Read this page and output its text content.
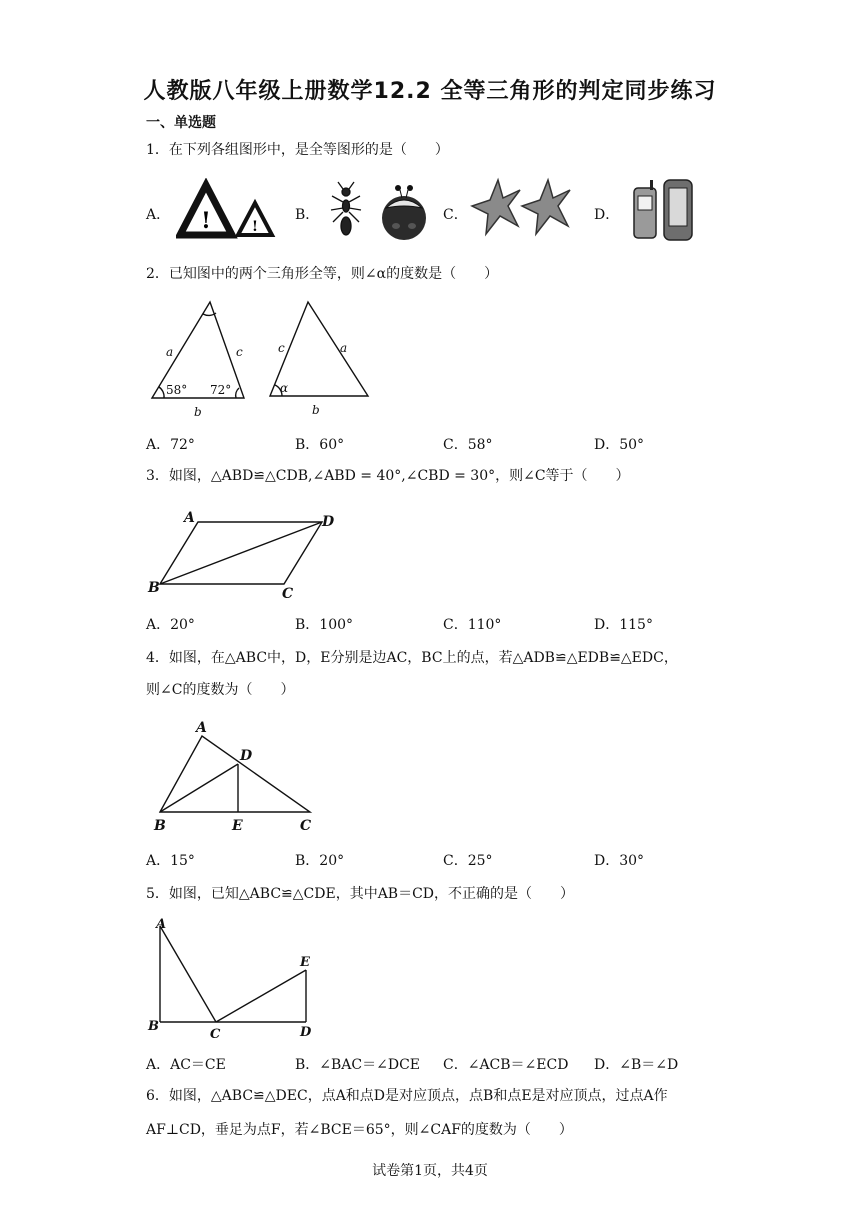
人教版八年级上册数学12.2 全等三角形的判定同步练习
一、单选题
1．在下列各组图形中，是全等图形的是（　　）
A． !	!
B．	C．	D．
2．已知图中的两个三角形全等，则∠α的度数是（　　）
a	c
b
c	a
b
α
58° 72°
A．72°	B．60°	C．58°	D．50°
3．如图，△ABD≌△CDB,∠ABD = 40°,∠CBD = 30°，则∠C等于（　　）
A
B	C
D
A．20°	B．100°	C．110°	D．115°
4．如图，在△ABC中，D，E分别是边AC，BC上的点，若△ADB≌△EDB≌△EDC，
则∠C的度数为（　　）
A
B	C
D
E
A．15°	B．20°	C．25°	D．30°
5．如图，已知△ABC≌△CDE，其中AB＝CD，不正确的是（　　）
A
B
C	D
E
A．AC＝CE	B．∠BAC＝∠DCE C．∠ACB＝∠ECD D．∠B＝∠D
6．如图，△ABC≌△DEC，点A和点D是对应顶点，点B和点E是对应顶点，过点A作
AF⊥CD，垂足为点F，若∠BCE＝65°，则∠CAF的度数为（　　）
试卷第1页，共4页
